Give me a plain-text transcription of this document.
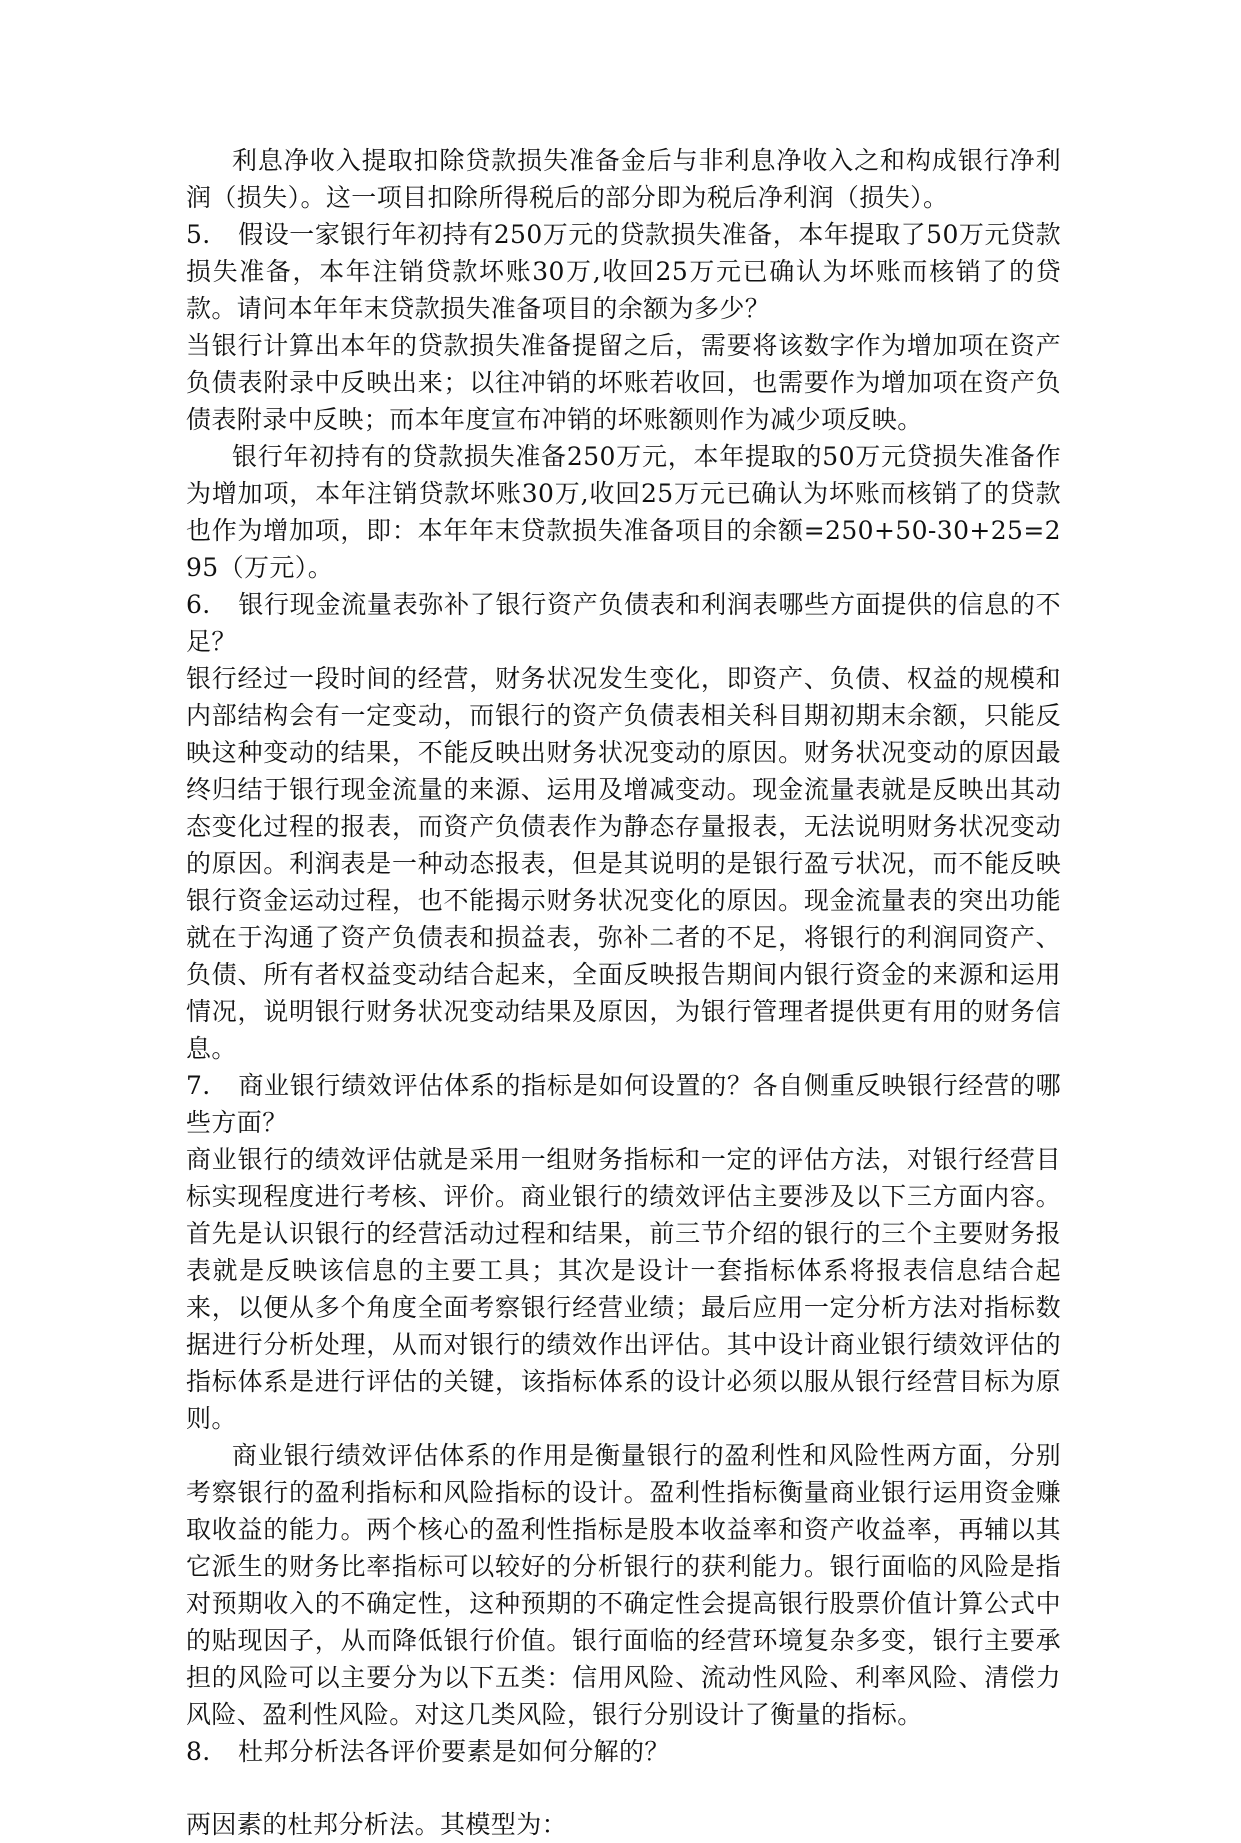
利息净收入提取扣除贷款损失准备金后与非利息净收入之和构成银行净利润（损失）。这一项目扣除所得税后的部分即为税后净利润（损失）。

5. 假设一家银行年初持有250万元的贷款损失准备，本年提取了50万元贷款损失准备，本年注销贷款坏账30万,收回25万元已确认为坏账而核销了的贷款。请问本年年末贷款损失准备项目的余额为多少？

当银行计算出本年的贷款损失准备提留之后，需要将该数字作为增加项在资产负债表附录中反映出来；以往冲销的坏账若收回，也需要作为增加项在资产负债表附录中反映；而本年度宣布冲销的坏账额则作为减少项反映。

银行年初持有的贷款损失准备250万元，本年提取的50万元贷损失准备作为增加项，本年注销贷款坏账30万,收回25万元已确认为坏账而核销了的贷款也作为增加项，即：本年年末贷款损失准备项目的余额=250+50-30+25=295（万元）。

6. 银行现金流量表弥补了银行资产负债表和利润表哪些方面提供的信息的不足？

银行经过一段时间的经营，财务状况发生变化，即资产、负债、权益的规模和内部结构会有一定变动，而银行的资产负债表相关科目期初期末余额，只能反映这种变动的结果，不能反映出财务状况变动的原因。财务状况变动的原因最终归结于银行现金流量的来源、运用及增减变动。现金流量表就是反映出其动态变化过程的报表，而资产负债表作为静态存量报表，无法说明财务状况变动的原因。利润表是一种动态报表，但是其说明的是银行盈亏状况，而不能反映银行资金运动过程，也不能揭示财务状况变化的原因。现金流量表的突出功能就在于沟通了资产负债表和损益表，弥补二者的不足，将银行的利润同资产、负债、所有者权益变动结合起来，全面反映报告期间内银行资金的来源和运用情况，说明银行财务状况变动结果及原因，为银行管理者提供更有用的财务信息。

7. 商业银行绩效评估体系的指标是如何设置的？各自侧重反映银行经营的哪些方面？

商业银行的绩效评估就是采用一组财务指标和一定的评估方法，对银行经营目标实现程度进行考核、评价。商业银行的绩效评估主要涉及以下三方面内容。首先是认识银行的经营活动过程和结果，前三节介绍的银行的三个主要财务报表就是反映该信息的主要工具；其次是设计一套指标体系将报表信息结合起来，以便从多个角度全面考察银行经营业绩；最后应用一定分析方法对指标数据进行分析处理，从而对银行的绩效作出评估。其中设计商业银行绩效评估的指标体系是进行评估的关键，该指标体系的设计必须以服从银行经营目标为原则。

商业银行绩效评估体系的作用是衡量银行的盈利性和风险性两方面，分别考察银行的盈利指标和风险指标的设计。盈利性指标衡量商业银行运用资金赚取收益的能力。两个核心的盈利性指标是股本收益率和资产收益率，再辅以其它派生的财务比率指标可以较好的分析银行的获利能力。银行面临的风险是指对预期收入的不确定性，这种预期的不确定性会提高银行股票价值计算公式中的贴现因子，从而降低银行价值。银行面临的经营环境复杂多变，银行主要承担的风险可以主要分为以下五类：信用风险、流动性风险、利率风险、清偿力风险、盈利性风险。对这几类风险，银行分别设计了衡量的指标。

8. 杜邦分析法各评价要素是如何分解的？

两因素的杜邦分析法。其模型为：
